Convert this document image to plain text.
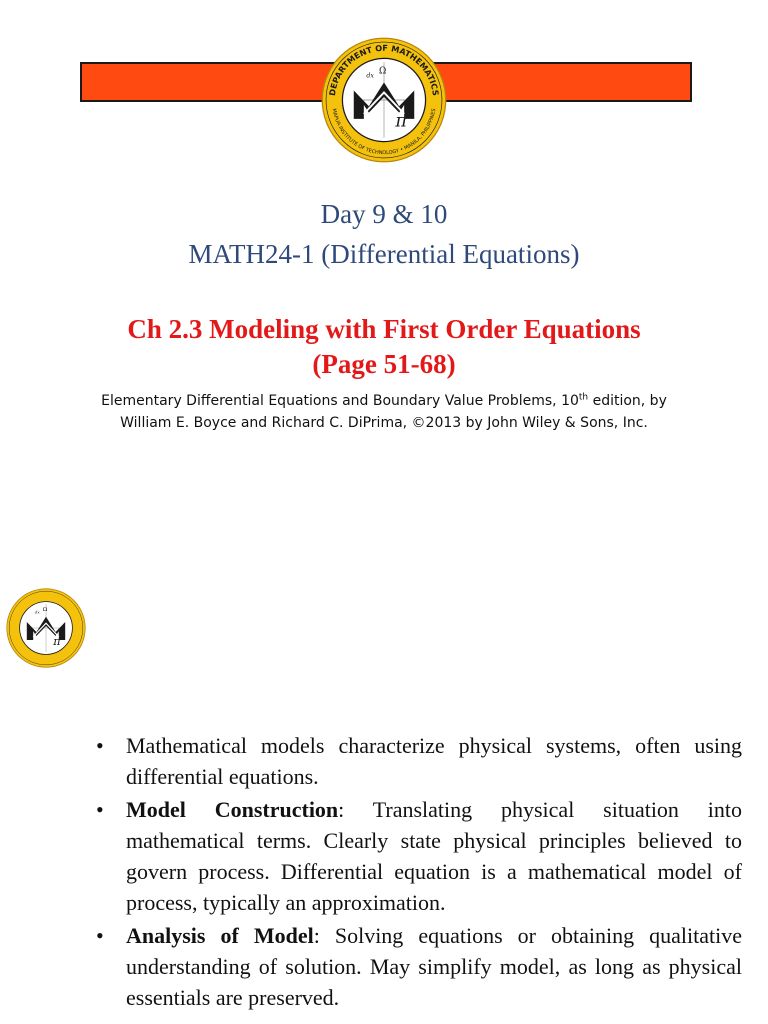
DEPARTMENT OF MATHEMATICS
MAPUA INSTITUTE OF TECHNOLOGY • MANILA, PHILIPPINES
Day 9 & 10
MATH24-1 (Differential Equations)
Ch 2.3 Modeling with First Order Equations
(Page 51-68)
Elementary Differential Equations and Boundary Value Problems, 10th edition, by
William E. Boyce and Richard C. DiPrima, ©2013 by John Wiley & Sons, Inc.
• Mathematical models characterize physical systems, often using differential equations.
• Model Construction: Translating physical situation into mathematical terms. Clearly state physical principles believed to govern process. Differential equation is a mathematical model of process, typically an approximation.
• Analysis of Model: Solving equations or obtaining qualitative understanding of solution. May simplify model, as long as physical essentials are preserved.
